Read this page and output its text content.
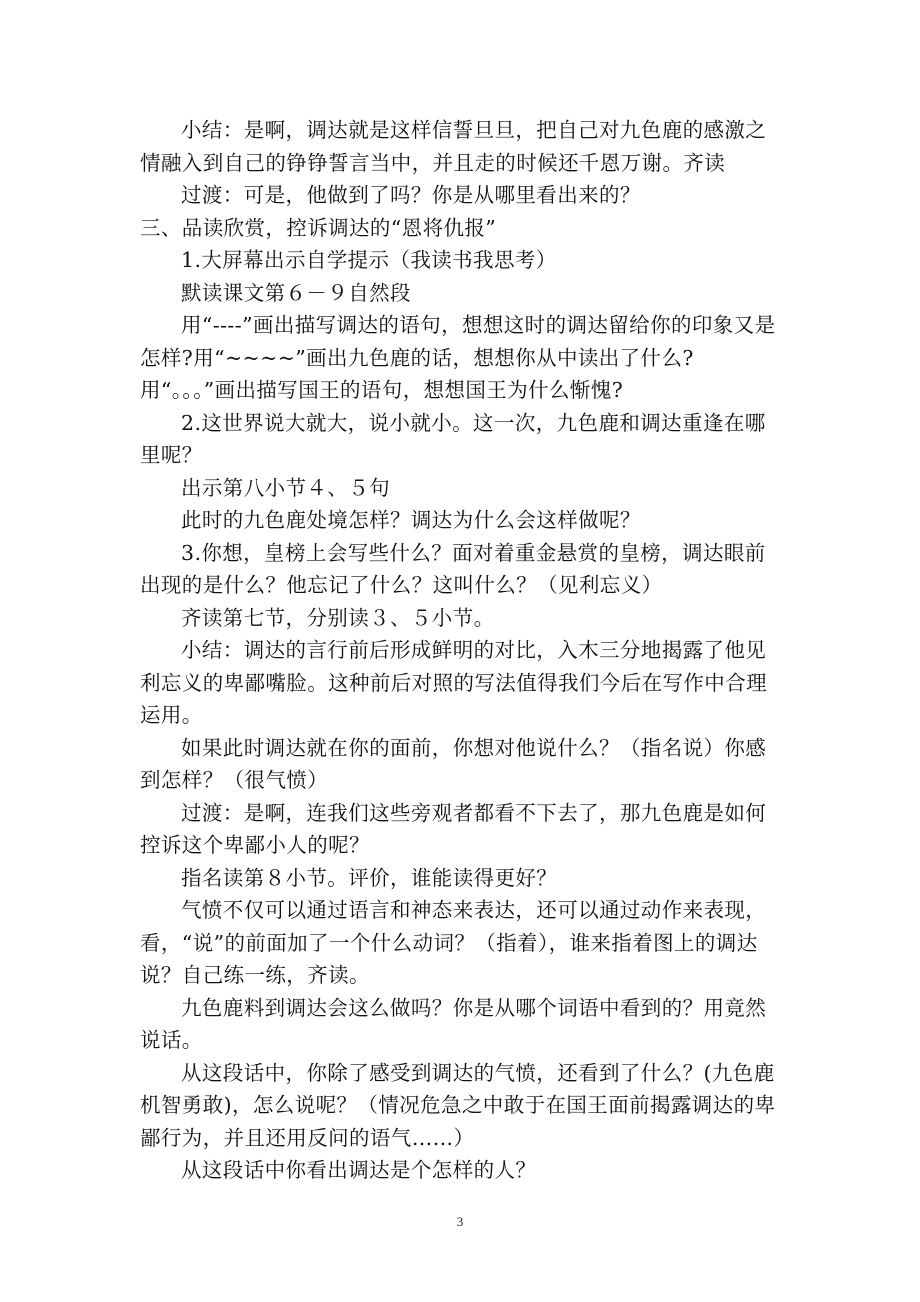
小结：是啊，调达就是这样信誓旦旦，把自己对九色鹿的感激之情融入到自己的铮铮誓言当中，并且走的时候还千恩万谢。齐读

过渡：可是，他做到了吗？你是从哪里看出来的？

三、品读欣赏，控诉调达的“恩将仇报”

1.大屏幕出示自学提示（我读书我思考）

默读课文第６－９自然段

用“----”画出描写调达的语句，想想这时的调达留给你的印象又是怎样?用“~~~~”画出九色鹿的话，想想你从中读出了什么?用“。。。”画出描写国王的语句，想想国王为什么惭愧?

2.这世界说大就大，说小就小。这一次，九色鹿和调达重逢在哪里呢？

出示第八小节４、５句

此时的九色鹿处境怎样？调达为什么会这样做呢？

3.你想，皇榜上会写些什么？面对着重金悬赏的皇榜，调达眼前出现的是什么？他忘记了什么？这叫什么？（见利忘义）

齐读第七节，分别读３、５小节。

小结：调达的言行前后形成鲜明的对比，入木三分地揭露了他见利忘义的卑鄙嘴脸。这种前后对照的写法值得我们今后在写作中合理运用。

如果此时调达就在你的面前，你想对他说什么？（指名说）你感到怎样？（很气愤）

过渡：是啊，连我们这些旁观者都看不下去了，那九色鹿是如何控诉这个卑鄙小人的呢？

指名读第８小节。评价，谁能读得更好？

气愤不仅可以通过语言和神态来表达，还可以通过动作来表现，看，“说”的前面加了一个什么动词？（指着），谁来指着图上的调达说？自己练一练，齐读。

九色鹿料到调达会这么做吗？你是从哪个词语中看到的？用竟然说话。

从这段话中，你除了感受到调达的气愤，还看到了什么？(九色鹿机智勇敢)，怎么说呢？（情况危急之中敢于在国王面前揭露调达的卑鄙行为，并且还用反问的语气……）

从这段话中你看出调达是个怎样的人？

3
